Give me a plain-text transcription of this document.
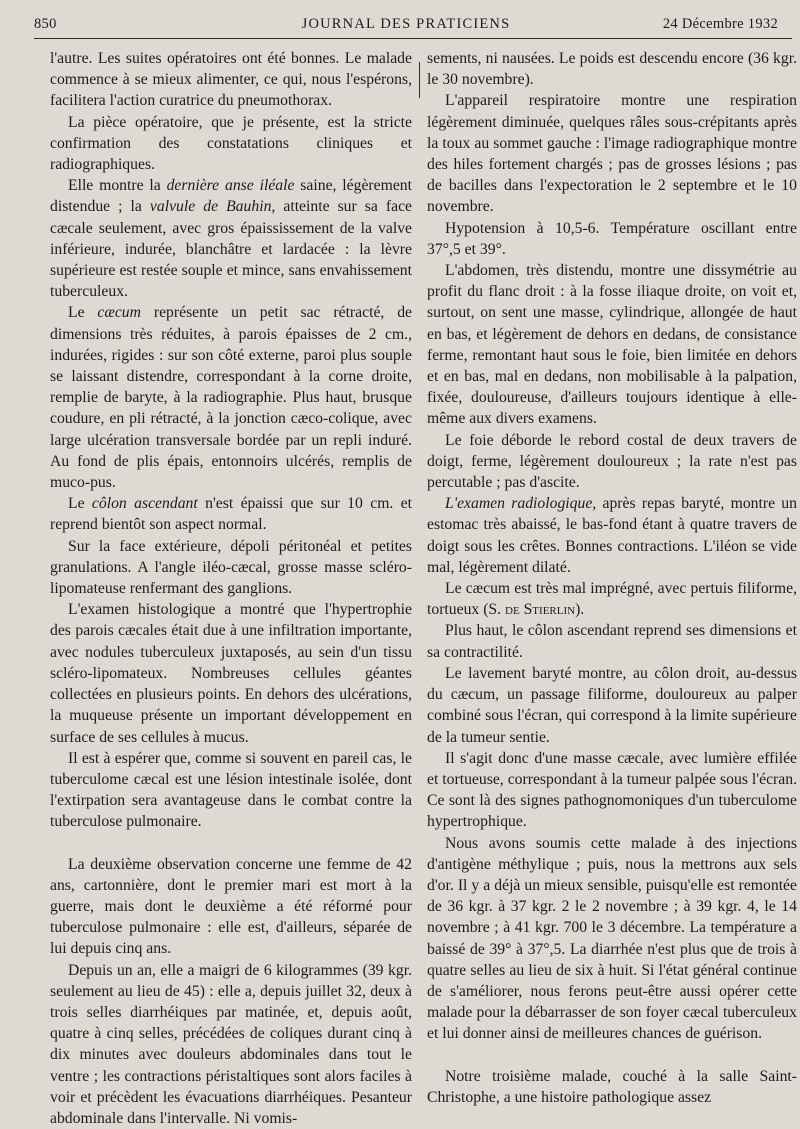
850	JOURNAL DES PRATICIENS	24 Décembre 1932

l'autre. Les suites opératoires ont été bonnes. Le malade commence à se mieux alimenter, ce qui, nous l'espérons, facilitera l'action curatrice du pneumothorax.

La pièce opératoire, que je présente, est la stricte confirmation des constatations cliniques et radiographiques.

Elle montre la dernière anse iléale saine, légèrement distendue ; la valvule de Bauhin, atteinte sur sa face cæcale seulement, avec gros épaississement de la valve inférieure, indurée, blanchâtre et lardacée : la lèvre supérieure est restée souple et mince, sans envahissement tuberculeux.

Le cæcum représente un petit sac rétracté, de dimensions très réduites, à parois épaisses de 2 cm., indurées, rigides : sur son côté externe, paroi plus souple se laissant distendre, correspondant à la corne droite, remplie de baryte, à la radiographie. Plus haut, brusque coudure, en pli rétracté, à la jonction cæco-colique, avec large ulcération transversale bordée par un repli induré. Au fond de plis épais, entonnoirs ulcérés, remplis de muco-pus.

Le côlon ascendant n'est épaissi que sur 10 cm. et reprend bientôt son aspect normal.

Sur la face extérieure, dépoli péritonéal et petites granulations. A l'angle iléo-cæcal, grosse masse scléro-lipomateuse renfermant des ganglions.

L'examen histologique a montré que l'hypertrophie des parois cæcales était due à une infiltration importante, avec nodules tuberculeux juxtaposés, au sein d'un tissu scléro-lipomateux. Nombreuses cellules géantes collectées en plusieurs points. En dehors des ulcérations, la muqueuse présente un important développement en surface de ses cellules à mucus.

Il est à espérer que, comme si souvent en pareil cas, le tuberculome cæcal est une lésion intestinale isolée, dont l'extirpation sera avantageuse dans le combat contre la tuberculose pulmonaire.

La deuxième observation concerne une femme de 42 ans, cartonnière, dont le premier mari est mort à la guerre, mais dont le deuxième a été réformé pour tuberculose pulmonaire : elle est, d'ailleurs, séparée de lui depuis cinq ans.

Depuis un an, elle a maigri de 6 kilogrammes (39 kgr. seulement au lieu de 45) : elle a, depuis juillet 32, deux à trois selles diarrhéiques par matinée, et, depuis août, quatre à cinq selles, précédées de coliques durant cinq à dix minutes avec douleurs abdominales dans tout le ventre ; les contractions péristaltiques sont alors faciles à voir et précèdent les évacuations diarrhéiques. Pesanteur abdominale dans l'intervalle. Ni vomis-

sements, ni nausées. Le poids est descendu encore (36 kgr. le 30 novembre).

L'appareil respiratoire montre une respiration légèrement diminuée, quelques râles sous-crépitants après la toux au sommet gauche : l'image radiographique montre des hiles fortement chargés ; pas de grosses lésions ; pas de bacilles dans l'expectoration le 2 septembre et le 10 novembre.

Hypotension à 10,5-6. Température oscillant entre 37°,5 et 39°.

L'abdomen, très distendu, montre une dissymétrie au profit du flanc droit : à la fosse iliaque droite, on voit et, surtout, on sent une masse, cylindrique, allongée de haut en bas, et légèrement de dehors en dedans, de consistance ferme, remontant haut sous le foie, bien limitée en dehors et en bas, mal en dedans, non mobilisable à la palpation, fixée, douloureuse, d'ailleurs toujours identique à elle-même aux divers examens.

Le foie déborde le rebord costal de deux travers de doigt, ferme, légèrement douloureux ; la rate n'est pas percutable ; pas d'ascite.

L'examen radiologique, après repas baryté, montre un estomac très abaissé, le bas-fond étant à quatre travers de doigt sous les crêtes. Bonnes contractions. L'iléon se vide mal, légèrement dilaté.

Le cæcum est très mal imprégné, avec pertuis filiforme, tortueux (S. de Stierlin).

Plus haut, le côlon ascendant reprend ses dimensions et sa contractilité.

Le lavement baryté montre, au côlon droit, au-dessus du cæcum, un passage filiforme, douloureux au palper combiné sous l'écran, qui correspond à la limite supérieure de la tumeur sentie.

Il s'agit donc d'une masse cæcale, avec lumière effilée et tortueuse, correspondant à la tumeur palpée sous l'écran. Ce sont là des signes pathognomoniques d'un tuberculome hypertrophique.

Nous avons soumis cette malade à des injections d'antigène méthylique ; puis, nous la mettrons aux sels d'or. Il y a déjà un mieux sensible, puisqu'elle est remontée de 36 kgr. à 37 kgr. 2 le 2 novembre ; à 39 kgr. 4, le 14 novembre ; à 41 kgr. 700 le 3 décembre. La température a baissé de 39° à 37°,5. La diarrhée n'est plus que de trois à quatre selles au lieu de six à huit. Si l'état général continue de s'améliorer, nous ferons peut-être aussi opérer cette malade pour la débarrasser de son foyer cæcal tuberculeux et lui donner ainsi de meilleures chances de guérison.

Notre troisième malade, couché à la salle Saint-Christophe, a une histoire pathologique assez
